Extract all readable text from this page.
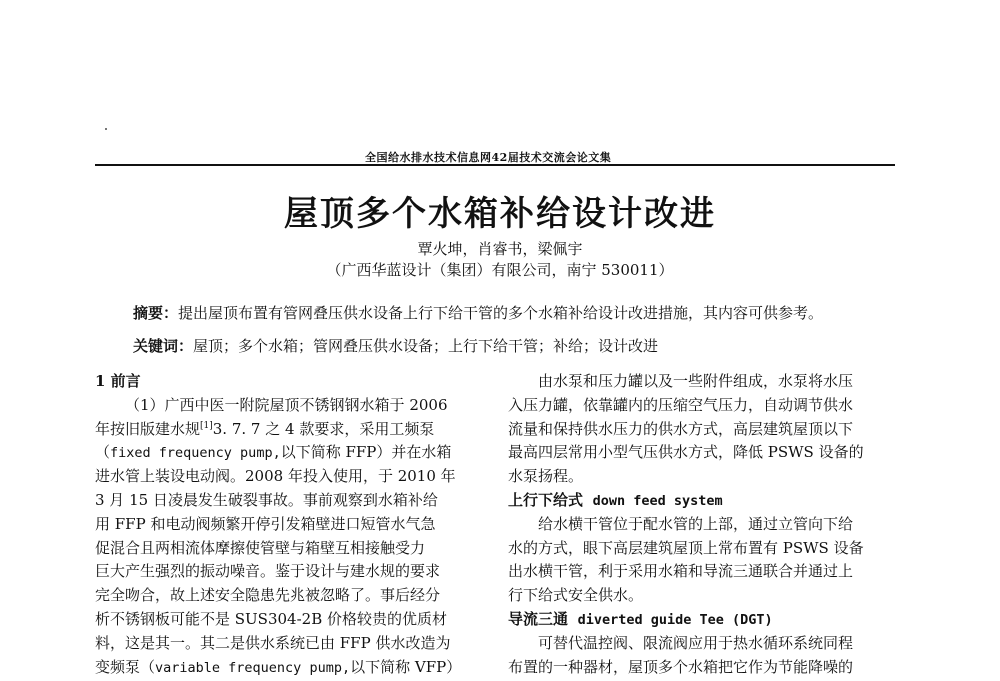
全国给水排水技术信息网42届技术交流会论文集
屋顶多个水箱补给设计改进
覃火坤，肖睿书，梁佩宇
（广西华蓝设计（集团）有限公司，南宁 530011）
摘要：提出屋顶布置有管网叠压供水设备上行下给干管的多个水箱补给设计改进措施，其内容可供参考。
关键词：屋顶；多个水箱；管网叠压供水设备；上行下给干管；补给；设计改进
1 前言
（1）广西中医一附院屋顶不锈钢钢水箱于 2006
年按旧版建水规[1]3. 7. 7 之 4 款要求，采用工频泵
（fixed frequency pump,以下简称 FFP）并在水箱
进水管上装设电动阀。2008 年投入使用，于 2010 年
3 月 15 日凌晨发生破裂事故。事前观察到水箱补给
用 FFP 和电动阀频繁开停引发箱壁进口短管水气急
促混合且两相流体摩擦使管壁与箱壁互相接触受力
巨大产生强烈的振动噪音。鉴于设计与建水规的要求
完全吻合，故上述安全隐患先兆被忽略了。事后经分
析不锈钢板可能不是 SUS304-2B 价格较贵的优质材
料，这是其一。其二是供水系统已由 FFP 供水改造为
变频泵（variable frequency pump,以下简称 VFP）
由水泵和压力罐以及一些附件组成，水泵将水压
入压力罐，依靠罐内的压缩空气压力，自动调节供水
流量和保持供水压力的供水方式，高层建筑屋顶以下
最高四层常用小型气压供水方式，降低 PSWS 设备的
水泵扬程。
上行下给式 down feed system
给水横干管位于配水管的上部，通过立管向下给
水的方式，眼下高层建筑屋顶上常布置有 PSWS 设备
出水横干管，利于采用水箱和导流三通联合并通过上
行下给式安全供水。
导流三通 diverted guide Tee (DGT)
可替代温控阀、限流阀应用于热水循环系统同程
布置的一种器材，屋顶多个水箱把它作为节能降噪的
